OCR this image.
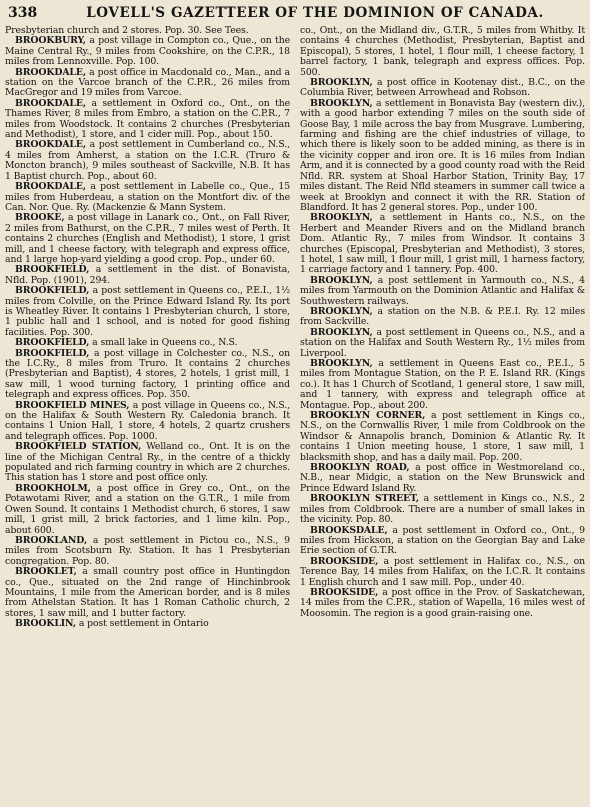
338	LOVELL'S GAZETTEER OF THE DOMINION OF CANADA.

Presbyterian church and 2 stores. Pop. 30. See Tees.

BROOKBURY, a post village in Compton co., Que., on the Maine Central Ry., 9 miles from Cookshire, on the C.P.R., 18 miles from Lennoxville. Pop. 100.

BROOKDALE, a post office in Macdonald co., Man., and a station on the Varcoe branch of the C.P.R., 26 miles from MacGregor and 19 miles from Varcoe.

BROOKDALE, a settlement in Oxford co., Ont., on the Thames River, 8 miles from Embro, a station on the C.P.R., 7 miles from Woodstock. It contains 2 churches (Presbyterian and Methodist), 1 store, and 1 cider mill. Pop., about 150.

BROOKDALE, a post settlement in Cumberland co., N.S., 4 miles from Amherst, a station on the I.C.R. (Truro & Moncton branch), 9 miles southeast of Sackville, N.B. It has 1 Baptist church. Pop., about 60.

BROOKDALE, a post settlement in Labelle co., Que., 15 miles from Huberdeau, a station on the Montfort div. of the Can. Nor. Que. Ry. (Mackenzie & Mann System.

BROOKE, a post village in Lanark co., Ont., on Fall River, 2 miles from Bathurst, on the C.P.R., 7 miles west of Perth. It contains 2 churches (English and Methodist), 1 store, 1 grist mill, and 1 cheese factory, with telegraph and express office, and 1 large hop-yard yielding a good crop. Pop., under 60.

BROOKFIELD, a settlement in the dist. of Bonavista, Nfld. Pop. (1901), 294.

BROOKFIELD, a post settlement in Queens co., P.E.I., 1½ miles from Colville, on the Prince Edward Island Ry. Its port is Wheatley River. It contains 1 Presbyterian church, 1 store, 1 public hall and 1 school, and is noted for good fishing facilities. Pop. 300.

BROOKFIELD, a small lake in Queens co., N.S.

BROOKFIELD, a post village in Colchester co., N.S., on the I.C.Ry., 8 miles from Truro. It contains 2 churches (Presbyterian and Baptist), 4 stores, 2 hotels, 1 grist mill, 1 saw mill, 1 wood turning factory, 1 printing office and telegraph and express offices. Pop. 350.

BROOKFIELD MINES, a post village in Queens co., N.S., on the Halifax & South Western Ry. Caledonia branch. It contains 1 Union Hall, 1 store, 4 hotels, 2 quartz crushers and telegraph offices. Pop. 1000.

BROOKFIELD STATION, Welland co., Ont. It is on the line of the Michigan Central Ry., in the centre of a thickly populated and rich farming country in which are 2 churches. This station has 1 store and post office only.

BROOKHOLM, a post office in Grey co., Ont., on the Potawotami River, and a station on the G.T.R., 1 mile from Owen Sound. It contains 1 Methodist church, 6 stores, 1 saw mill, 1 grist mill, 2 brick factories, and 1 lime kiln. Pop., about 600.

BROOKLAND, a post settlement in Pictou co., N.S., 9 miles from Scotsburn Ry. Station. It has 1 Presbyterian congregation. Pop. 80.

BROOKLET, a small country post office in Huntingdon co., Que., situated on the 2nd range of Hinchinbrook Mountains, 1 mile from the American border, and is 8 miles from Athelstan Station. It has 1 Roman Catholic church, 2 stores, 1 saw mill, and 1 butter factory.

BROOKLIN, a post settlement in Ontario

co., Ont., on the Midland div., G.T.R., 5 miles from Whitby. It contains 4 churches (Methodist, Presbyterian, Baptist and Episcopal), 5 stores, 1 hotel, 1 flour mill, 1 cheese factory, 1 barrel factory, 1 bank, telegraph and express offices. Pop. 500.

BROOKLYN, a post office in Kootenay dist., B.C., on the Columbia River, between Arrowhead and Robson.

BROOKLYN, a settlement in Bonavista Bay (western div.), with a good harbor extending 7 miles on the south side of Goose Bay, 1 mile across the bay from Musgrave. Lumbering, farming and fishing are the chief industries of village, to which there is likely soon to be added mining, as there is in the vicinity copper and iron ore. It is 16 miles from Indian Arm, and it is connected by a good county road with the Reid Nfld. RR. system at Shoal Harbor Station, Trinity Bay, 17 miles distant. The Reid Nfld steamers in summer call twice a week at Brooklyn and connect it with the RR. Station of Blandford. It has 2 general stores. Pop., under 100.

BROOKLYN, a settlement in Hants co., N.S., on the Herbert and Meander Rivers and on the Midland branch Dom. Atlantic Ry., 7 miles from Windsor. It contains 3 churches (Episcopal, Presbyterian and Methodist), 3 stores, 1 hotel, 1 saw mill, 1 flour mill, 1 grist mill, 1 harness factory, 1 carriage factory and 1 tannery. Pop. 400.

BROOKLYN, a post settlement in Yarmouth co., N.S., 4 miles from Yarmouth on the Dominion Atlantic and Halifax & Southwestern railways.

BROOKLYN, a station on the N.B. & P.E.I. Ry. 12 miles from Sackville.

BROOKLYN, a post settlement in Queens co., N.S., and a station on the Halifax and South Western Ry., 1½ miles from Liverpool.

BROOKLYN, a settlement in Queens East co., P.E.I., 5 miles from Montague Station, on the P. E. Island RR. (Kings co.). It has 1 Church of Scotland, 1 general store, 1 saw mill, and 1 tannery, with express and telegraph office at Montague. Pop., about 200.

BROOKLYN CORNER, a post settlement in Kings co., N.S., on the Cornwallis River, 1 mile from Coldbrook on the Windsor & Annapolis branch, Dominion & Atlantic Ry. It contains 1 Union meeting house, 1 store, 1 saw mill, 1 blacksmith shop, and has a daily mail. Pop. 200.

BROOKLYN ROAD, a post office in Westmoreland co., N.B., near Midgic, a station on the New Brunswick and Prince Edward Island Ry.

BROOKLYN STREET, a settlement in Kings co., N.S., 2 miles from Coldbrook. There are a number of small lakes in the vicinity. Pop. 80.

BROOKSDALE, a post settlement in Oxford co., Ont., 9 miles from Hickson, a station on the Georgian Bay and Lake Erie section of G.T.R.

BROOKSIDE, a post settlement in Halifax co., N.S., on Terence Bay, 14 miles from Halifax, on the I.C.R. It contains 1 English church and 1 saw mill. Pop., under 40.

BROOKSIDE, a post office in the Prov. of Saskatchewan, 14 miles from the C.P.R., station of Wapella, 16 miles west of Moosomin. The region is a good grain-raising one.
